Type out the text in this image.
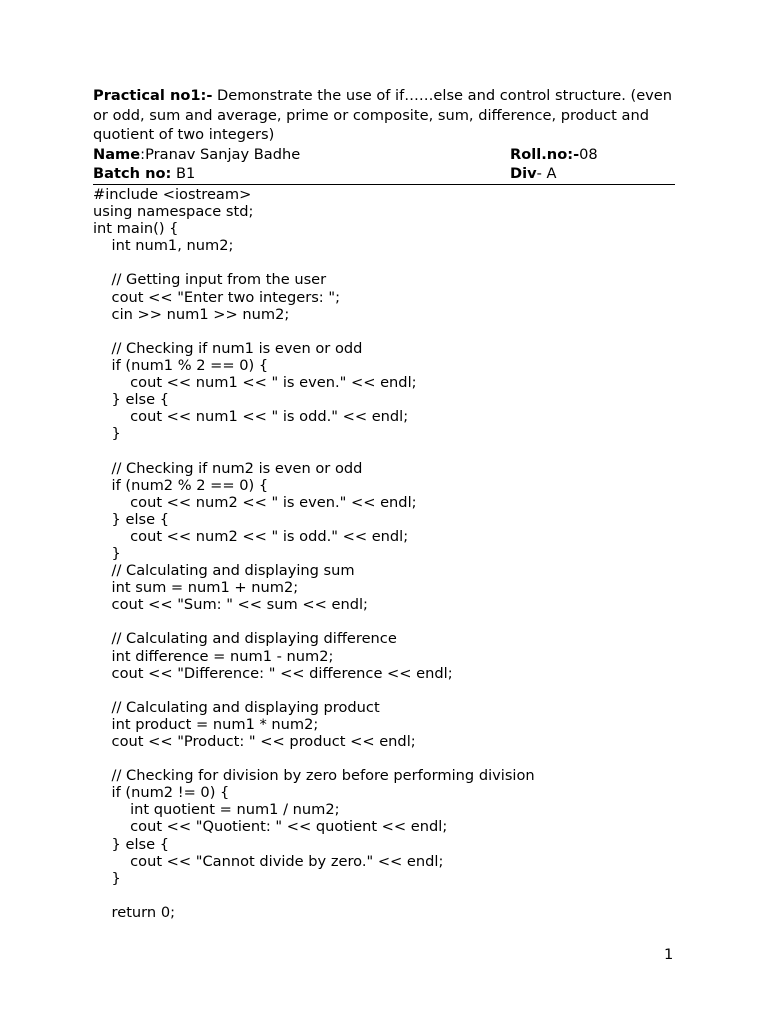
Practical no1:- Demonstrate the use of if……else and control structure. (even or odd, sum and average, prime or composite, sum, difference, product and quotient of two integers)

Name:Pranav Sanjay Badhe	Roll.no:-08
Batch no: B1	Div- A
#include <iostream>
using namespace std;
int main() {
int num1, num2;

// Getting input from the user
cout << "Enter two integers: ";
cin >> num1 >> num2;

// Checking if num1 is even or odd
if (num1 % 2 == 0) {
cout << num1 << " is even." << endl;
} else {
cout << num1 << " is odd." << endl;
}

// Checking if num2 is even or odd
if (num2 % 2 == 0) {
cout << num2 << " is even." << endl;
} else {
cout << num2 << " is odd." << endl;
}
// Calculating and displaying sum
int sum = num1 + num2;
cout << "Sum: " << sum << endl;

// Calculating and displaying difference
int difference = num1 - num2;
cout << "Difference: " << difference << endl;

// Calculating and displaying product
int product = num1 * num2;
cout << "Product: " << product << endl;

// Checking for division by zero before performing division
if (num2 != 0) {
int quotient = num1 / num2;
cout << "Quotient: " << quotient << endl;
} else {
cout << "Cannot divide by zero." << endl;
}

return 0;
1
